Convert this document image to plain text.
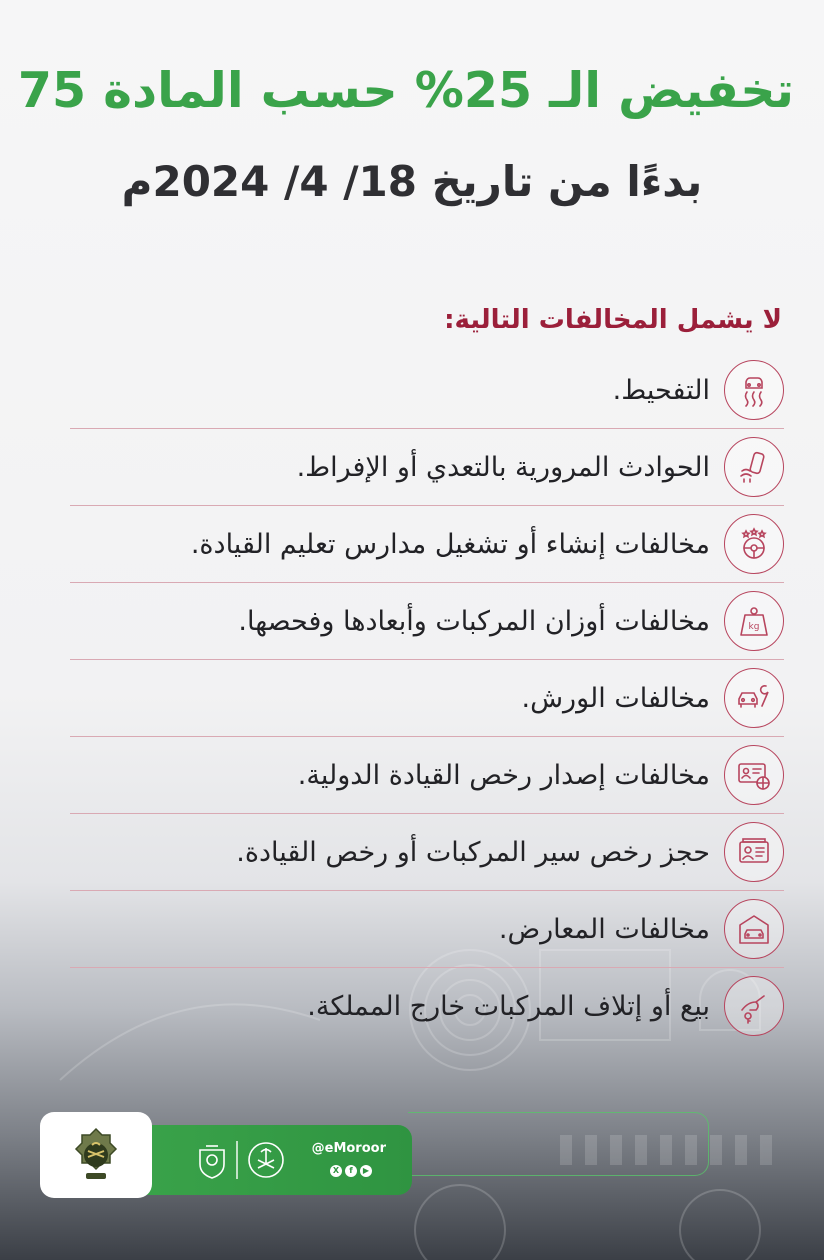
تخفيض الـ 25% حسب المادة 75
بدءًا من تاريخ 18/ 4/ 2024م
لا يشمل المخالفات التالية:
التفحيط.
الحوادث المرورية بالتعدي أو الإفراط.
مخالفات إنشاء أو تشغيل مدارس تعليم القيادة.
kg
مخالفات أوزان المركبات وأبعادها وفحصها.
مخالفات الورش.
مخالفات إصدار رخص القيادة الدولية.
حجز رخص سير المركبات أو رخص القيادة.
مخالفات المعارض.
بيع أو إتلاف المركبات خارج المملكة.
@eMoroor
X	f	▶
